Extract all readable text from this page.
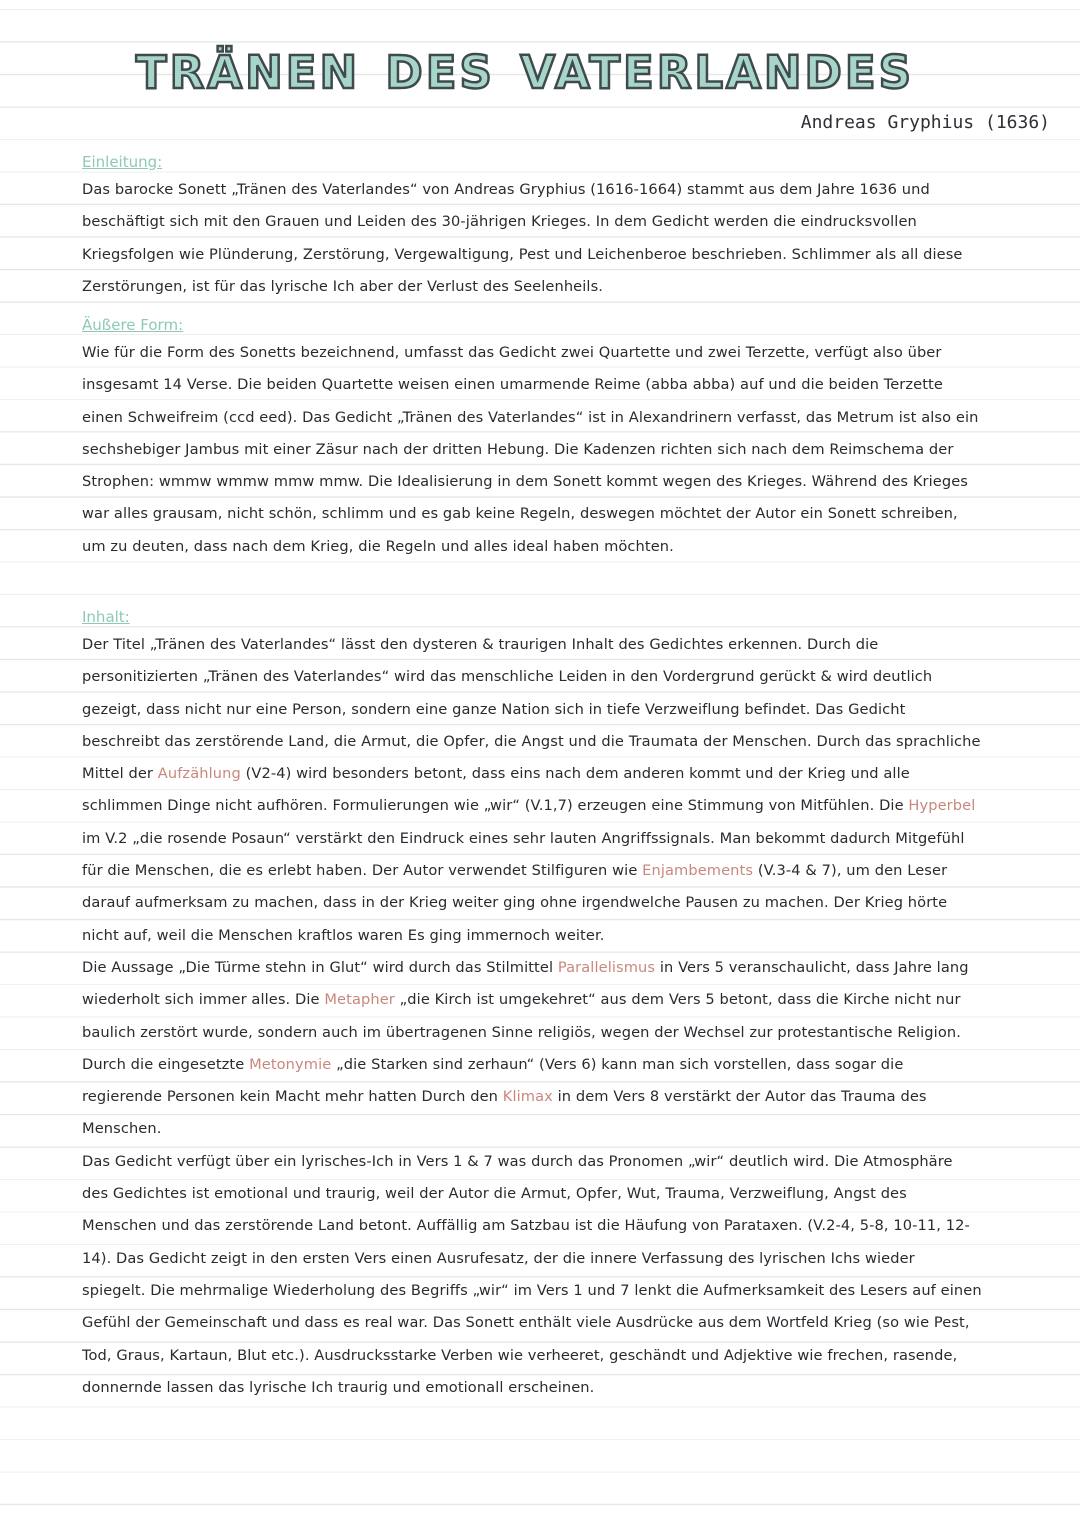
tränen des vaterlandes
Andreas Gryphius (1636)

Einleitung:

Das barocke Sonett „Tränen des Vaterlandes“ von Andreas Gryphius (1616-1664) stammt aus dem Jahre 1636 und beschäftigt sich mit den Grauen und Leiden des 30-jährigen Krieges. In dem Gedicht werden die eindrucksvollen Kriegsfolgen wie Plünderung, Zerstörung, Vergewaltigung, Pest und Leichenberoe beschrieben. Schlimmer als all diese Zerstörungen, ist für das lyrische Ich aber der Verlust des Seelenheils.

Äußere Form:

Wie für die Form des Sonetts bezeichnend, umfasst das Gedicht zwei Quartette und zwei Terzette, verfügt also über insgesamt 14 Verse. Die beiden Quartette weisen einen umarmende Reime (abba abba) auf und die beiden Terzette einen Schweifreim (ccd eed). Das Gedicht „Tränen des Vaterlandes“ ist in Alexandrinern verfasst, das Metrum ist also ein sechshebiger Jambus mit einer Zäsur nach der dritten Hebung. Die Kadenzen richten sich nach dem Reimschema der Strophen: wmmw wmmw mmw mmw. Die Idealisierung in dem Sonett kommt wegen des Krieges. Während des Krieges war alles grausam, nicht schön, schlimm und es gab keine Regeln, deswegen möchtet der Autor ein Sonett schreiben, um zu deuten, dass nach dem Krieg, die Regeln und alles ideal haben möchten.

Inhalt:

Der Titel „Tränen des Vaterlandes“ lässt den dysteren & traurigen Inhalt des Gedichtes erkennen. Durch die personitizierten „Tränen des Vaterlandes“ wird das menschliche Leiden in den Vordergrund gerückt & wird deutlich gezeigt, dass nicht nur eine Person, sondern eine ganze Nation sich in tiefe Verzweiflung befindet. Das Gedicht beschreibt das zerstörende Land, die Armut, die Opfer, die Angst und die Traumata der Menschen. Durch das sprachliche Mittel der Aufzählung (V2-4) wird besonders betont, dass eins nach dem anderen kommt und der Krieg und alle schlimmen Dinge nicht aufhören. Formulierungen wie „wir“ (V.1,7) erzeugen eine Stimmung von Mitfühlen. Die Hyperbel im V.2 „die rosende Posaun“ verstärkt den Eindruck eines sehr lauten Angriffssignals. Man bekommt dadurch Mitgefühl für die Menschen, die es erlebt haben. Der Autor verwendet Stilfiguren wie Enjambements (V.3-4 & 7), um den Leser darauf aufmerksam zu machen, dass in der Krieg weiter ging ohne irgendwelche Pausen zu machen. Der Krieg hörte nicht auf, weil die Menschen kraftlos waren Es ging immernoch weiter.

Die Aussage „Die Türme stehn in Glut“ wird durch das Stilmittel Parallelismus in Vers 5 veranschaulicht, dass Jahre lang wiederholt sich immer alles. Die Metapher „die Kirch ist umgekehret“ aus dem Vers 5 betont, dass die Kirche nicht nur baulich zerstört wurde, sondern auch im übertragenen Sinne religiös, wegen der Wechsel zur protestantische Religion. Durch die eingesetzte Metonymie „die Starken sind zerhaun“ (Vers 6) kann man sich vorstellen, dass sogar die regierende Personen kein Macht mehr hatten Durch den Klimax in dem Vers 8 verstärkt der Autor das Trauma des Menschen.

Das Gedicht verfügt über ein lyrisches-Ich in Vers 1 & 7 was durch das Pronomen „wir“ deutlich wird. Die Atmosphäre des Gedichtes ist emotional und traurig, weil der Autor die Armut, Opfer, Wut, Trauma, Verzweiflung, Angst des Menschen und das zerstörende Land betont. Auffällig am Satzbau ist die Häufung von Parataxen. (V.2-4, 5-8, 10-11, 12-14). Das Gedicht zeigt in den ersten Vers einen Ausrufesatz, der die innere Verfassung des lyrischen Ichs wieder spiegelt. Die mehrmalige Wiederholung des Begriffs „wir“ im Vers 1 und 7 lenkt die Aufmerksamkeit des Lesers auf einen Gefühl der Gemeinschaft und dass es real war. Das Sonett enthält viele Ausdrücke aus dem Wortfeld Krieg (so wie Pest, Tod, Graus, Kartaun, Blut etc.). Ausdrucksstarke Verben wie verheeret, geschändt und Adjektive wie frechen, rasende, donnernde lassen das lyrische Ich traurig und emotionall erscheinen.
